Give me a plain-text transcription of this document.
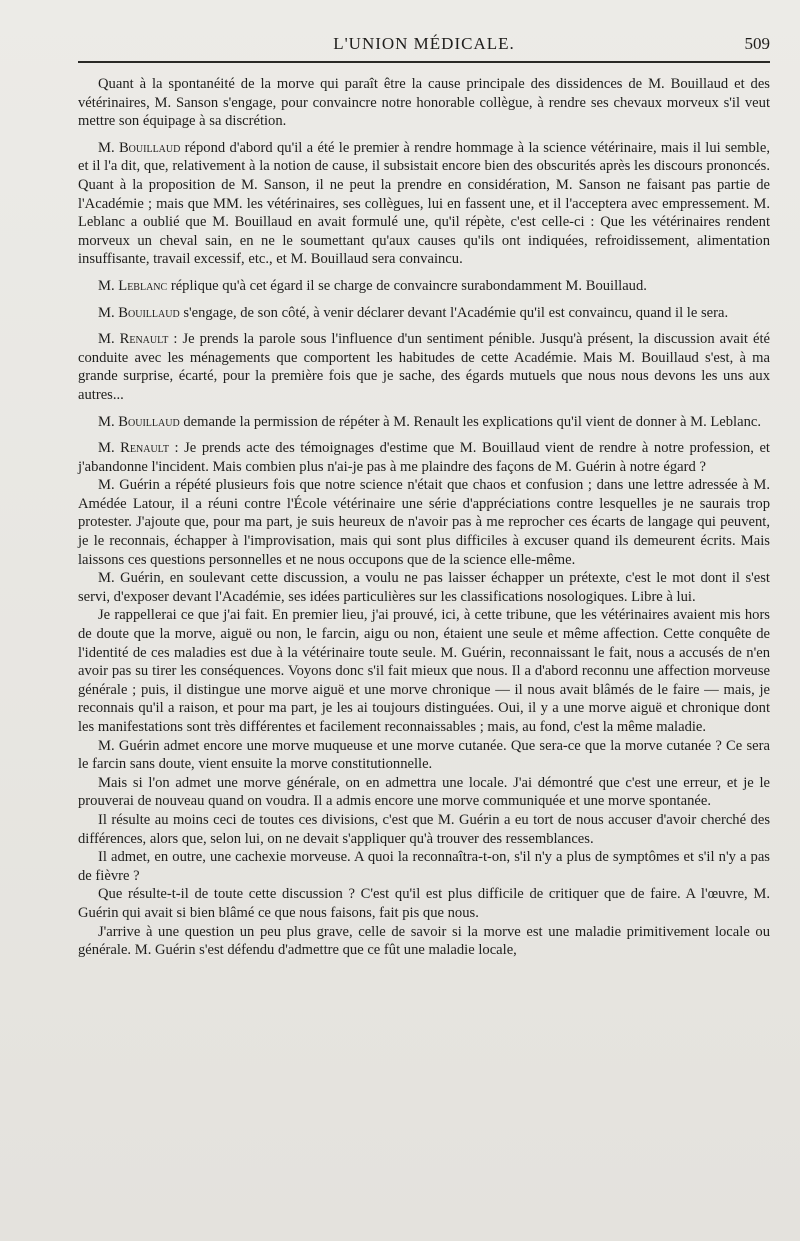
L'UNION MÉDICALE.	509

Quant à la spontanéité de la morve qui paraît être la cause principale des dissidences de M. Bouillaud et des vétérinaires, M. Sanson s'engage, pour convaincre notre honorable collègue, à rendre ses chevaux morveux s'il veut mettre son équipage à sa discrétion.

M. Bouillaud répond d'abord qu'il a été le premier à rendre hommage à la science vétérinaire, mais il lui semble, et il l'a dit, que, relativement à la notion de cause, il subsistait encore bien des obscurités après les discours prononcés. Quant à la proposition de M. Sanson, il ne peut la prendre en considération, M. Sanson ne faisant pas partie de l'Académie ; mais que MM. les vétérinaires, ses collègues, lui en fassent une, et il l'acceptera avec empressement. M. Leblanc a oublié que M. Bouillaud en avait formulé une, qu'il répète, c'est celle-ci : Que les vétérinaires rendent morveux un cheval sain, en ne le soumettant qu'aux causes qu'ils ont indiquées, refroidissement, alimentation insuffisante, travail excessif, etc., et M. Bouillaud sera convaincu.

M. Leblanc réplique qu'à cet égard il se charge de convaincre surabondamment M. Bouillaud.

M. Bouillaud s'engage, de son côté, à venir déclarer devant l'Académie qu'il est convaincu, quand il le sera.

M. Renault : Je prends la parole sous l'influence d'un sentiment pénible. Jusqu'à présent, la discussion avait été conduite avec les ménagements que comportent les habitudes de cette Académie. Mais M. Bouillaud s'est, à ma grande surprise, écarté, pour la première fois que je sache, des égards mutuels que nous nous devons les uns aux autres...

M. Bouillaud demande la permission de répéter à M. Renault les explications qu'il vient de donner à M. Leblanc.

M. Renault : Je prends acte des témoignages d'estime que M. Bouillaud vient de rendre à notre profession, et j'abandonne l'incident. Mais combien plus n'ai-je pas à me plaindre des façons de M. Guérin à notre égard ?

M. Guérin a répété plusieurs fois que notre science n'était que chaos et confusion ; dans une lettre adressée à M. Amédée Latour, il a réuni contre l'École vétérinaire une série d'appréciations contre lesquelles je ne saurais trop protester. J'ajoute que, pour ma part, je suis heureux de n'avoir pas à me reprocher ces écarts de langage qui peuvent, je le reconnais, échapper à l'improvisation, mais qui sont plus difficiles à excuser quand ils demeurent écrits. Mais laissons ces questions personnelles et ne nous occupons que de la science elle-même.

M. Guérin, en soulevant cette discussion, a voulu ne pas laisser échapper un prétexte, c'est le mot dont il s'est servi, d'exposer devant l'Académie, ses idées particulières sur les classifications nosologiques. Libre à lui.

Je rappellerai ce que j'ai fait. En premier lieu, j'ai prouvé, ici, à cette tribune, que les vétérinaires avaient mis hors de doute que la morve, aiguë ou non, le farcin, aigu ou non, étaient une seule et même affection. Cette conquête de l'identité de ces maladies est due à la vétérinaire toute seule. M. Guérin, reconnaissant le fait, nous a accusés de n'en avoir pas su tirer les conséquences. Voyons donc s'il fait mieux que nous. Il a d'abord reconnu une affection morveuse générale ; puis, il distingue une morve aiguë et une morve chronique — il nous avait blâmés de le faire — mais, je reconnais qu'il a raison, et pour ma part, je les ai toujours distinguées. Oui, il y a une morve aiguë et chronique dont les manifestations sont très différentes et facilement reconnaissables ; mais, au fond, c'est la même maladie.

M. Guérin admet encore une morve muqueuse et une morve cutanée. Que sera-ce que la morve cutanée ? Ce sera le farcin sans doute, vient ensuite la morve constitutionnelle.

Mais si l'on admet une morve générale, on en admettra une locale. J'ai démontré que c'est une erreur, et je le prouverai de nouveau quand on voudra. Il a admis encore une morve communiquée et une morve spontanée.

Il résulte au moins ceci de toutes ces divisions, c'est que M. Guérin a eu tort de nous accuser d'avoir cherché des différences, alors que, selon lui, on ne devait s'appliquer qu'à trouver des ressemblances.

Il admet, en outre, une cachexie morveuse. A quoi la reconnaîtra-t-on, s'il n'y a plus de symptômes et s'il n'y a pas de fièvre ?

Que résulte-t-il de toute cette discussion ? C'est qu'il est plus difficile de critiquer que de faire. A l'œuvre, M. Guérin qui avait si bien blâmé ce que nous faisons, fait pis que nous.

J'arrive à une question un peu plus grave, celle de savoir si la morve est une maladie primitivement locale ou générale. M. Guérin s'est défendu d'admettre que ce fût une maladie locale,
